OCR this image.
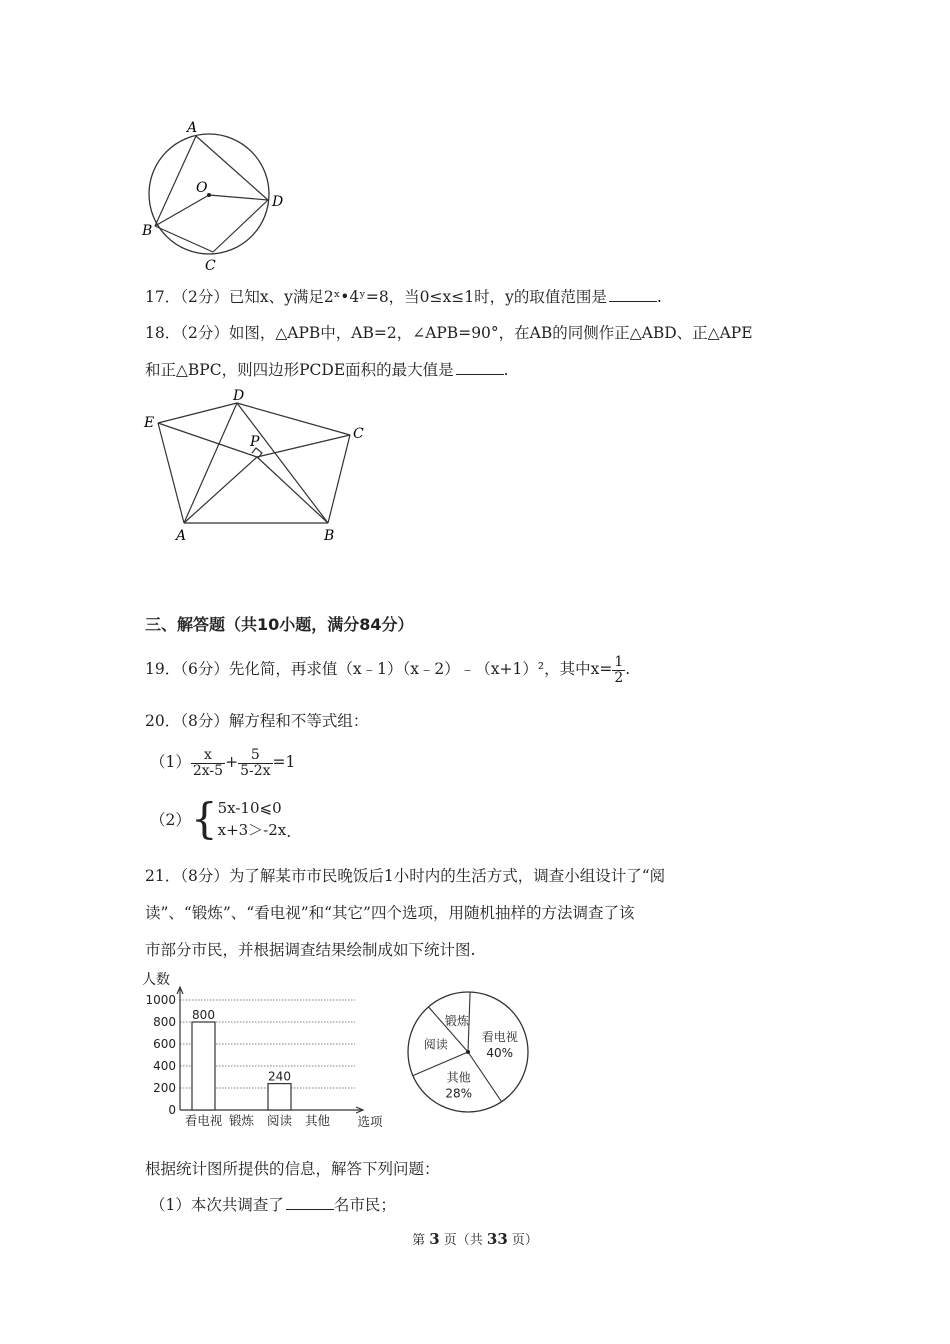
A
O
D
B
C
17．（2分）已知x、y满足2ˣ•4ʸ=8，当0≤x≤1时，y的取值范围是	.
18．（2分）如图，△APB中，AB=2，∠APB=90°，在AB的同侧作正△ABD、正△APE
和正△BPC，则四边形PCDE面积的最大值是	.
D
E
P	C
A	B
三、解答题（共10小题，满分84分）
19．（6分）先化简，再求值（x﹣1）（x﹣2）﹣（x+1）²，其中$x= \frac{1}{2}$ .
20．（8分）解方程和不等式组：
$(1) \frac{x}{2x-5} + \frac{5}{5-2x} =1$
（2）{ 5x-10⩽0
x+3＞-2x .
21．（8分）为了解某市市民晚饭后1小时内的生活方式，调查小组设计了“阅
读”、“锻炼”、“看电视”和“其它”四个选项，用随机抽样的方法调查了该
市部分市民，并根据调查结果绘制成如下统计图.
人数
0
200
400
600
800
1000
800
看电视 锻炼
240
阅读 其他 选项
看电视
40%
其他
28%
阅读
锻炼
根据统计图所提供的信息，解答下列问题：
（1）本次共调查了	名市民；
第 3 页（共 33 页）
